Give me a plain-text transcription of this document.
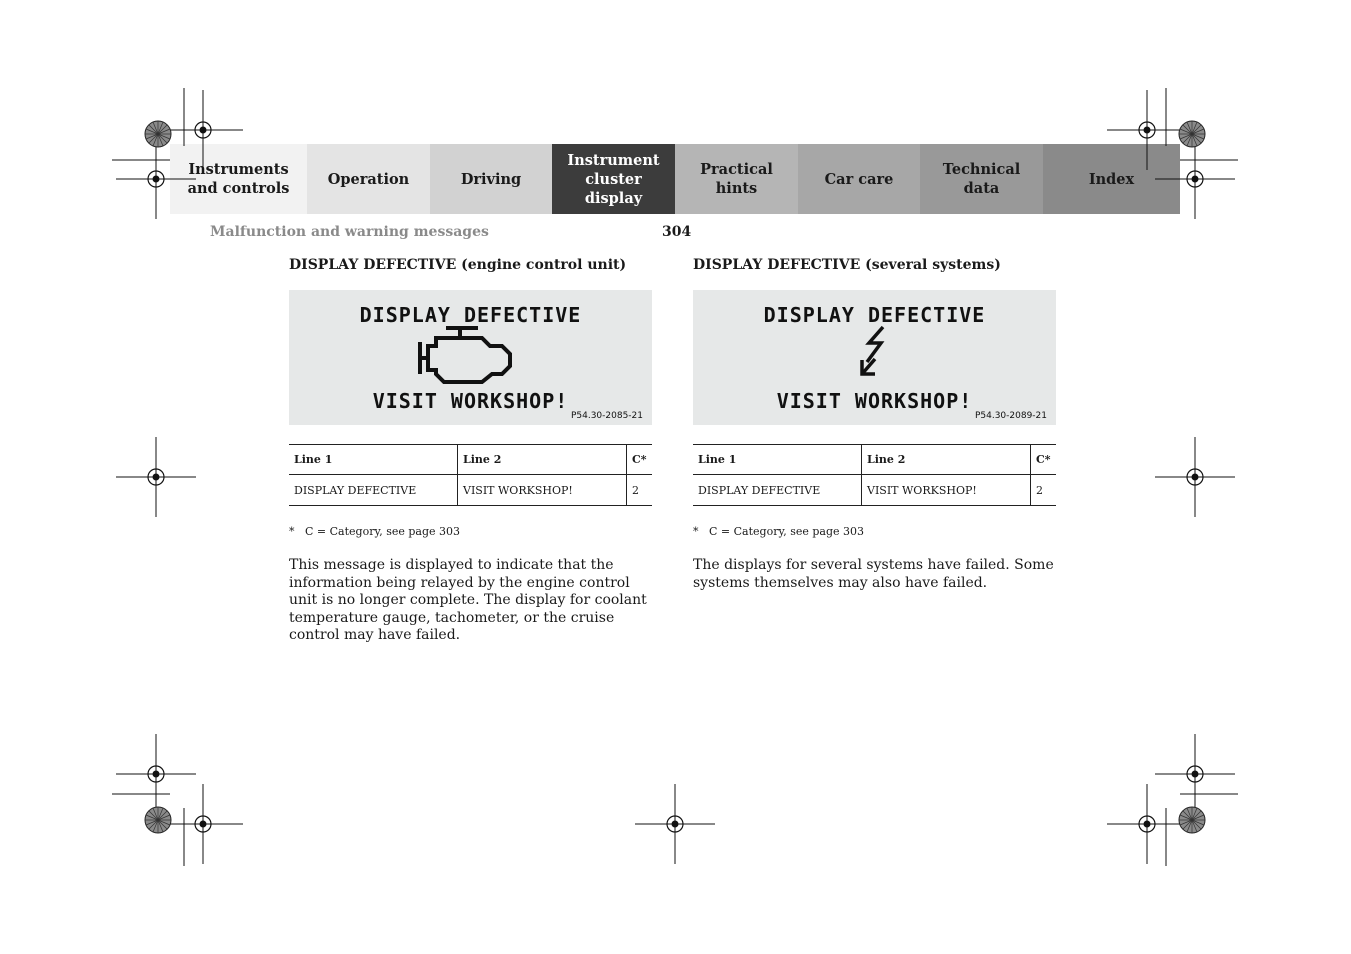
Instruments
and controls
Operation	Driving
Instrument
cluster display
Practical hints
Car care
Technical
data
Index
Malfunction and warning messages	304
DISPLAY DEFECTIVE (engine control unit)
DISPLAY DEFECTIVE
VISIT WORKSHOP!
P54.30-2085-21
Line 1	Line 2	C*
DISPLAY DEFECTIVE	VISIT WORKSHOP!	2
* C = Category, see page 303
This message is displayed to indicate that the information being relayed by the engine control unit is no longer complete. The display for coolant temperature gauge, tachometer, or the cruise control may have failed.
DISPLAY DEFECTIVE (several systems)
DISPLAY DEFECTIVE
VISIT WORKSHOP!
P54.30-2089-21
Line 1	Line 2	C*
DISPLAY DEFECTIVE	VISIT WORKSHOP!	2
* C = Category, see page 303
The displays for several systems have failed. Some systems themselves may also have failed.
